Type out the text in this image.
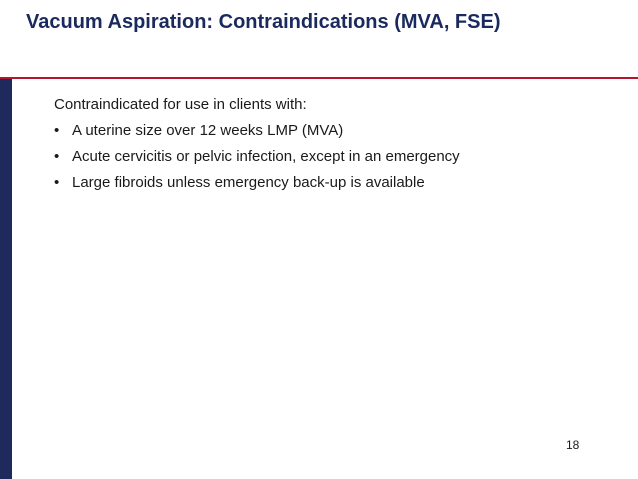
Vacuum Aspiration: Contraindications (MVA, FSE)

Contraindicated for use in clients with:

• A uterine size over 12 weeks LMP (MVA)
• Acute cervicitis or pelvic infection, except in an emergency
• Large fibroids unless emergency back-up is available
18
